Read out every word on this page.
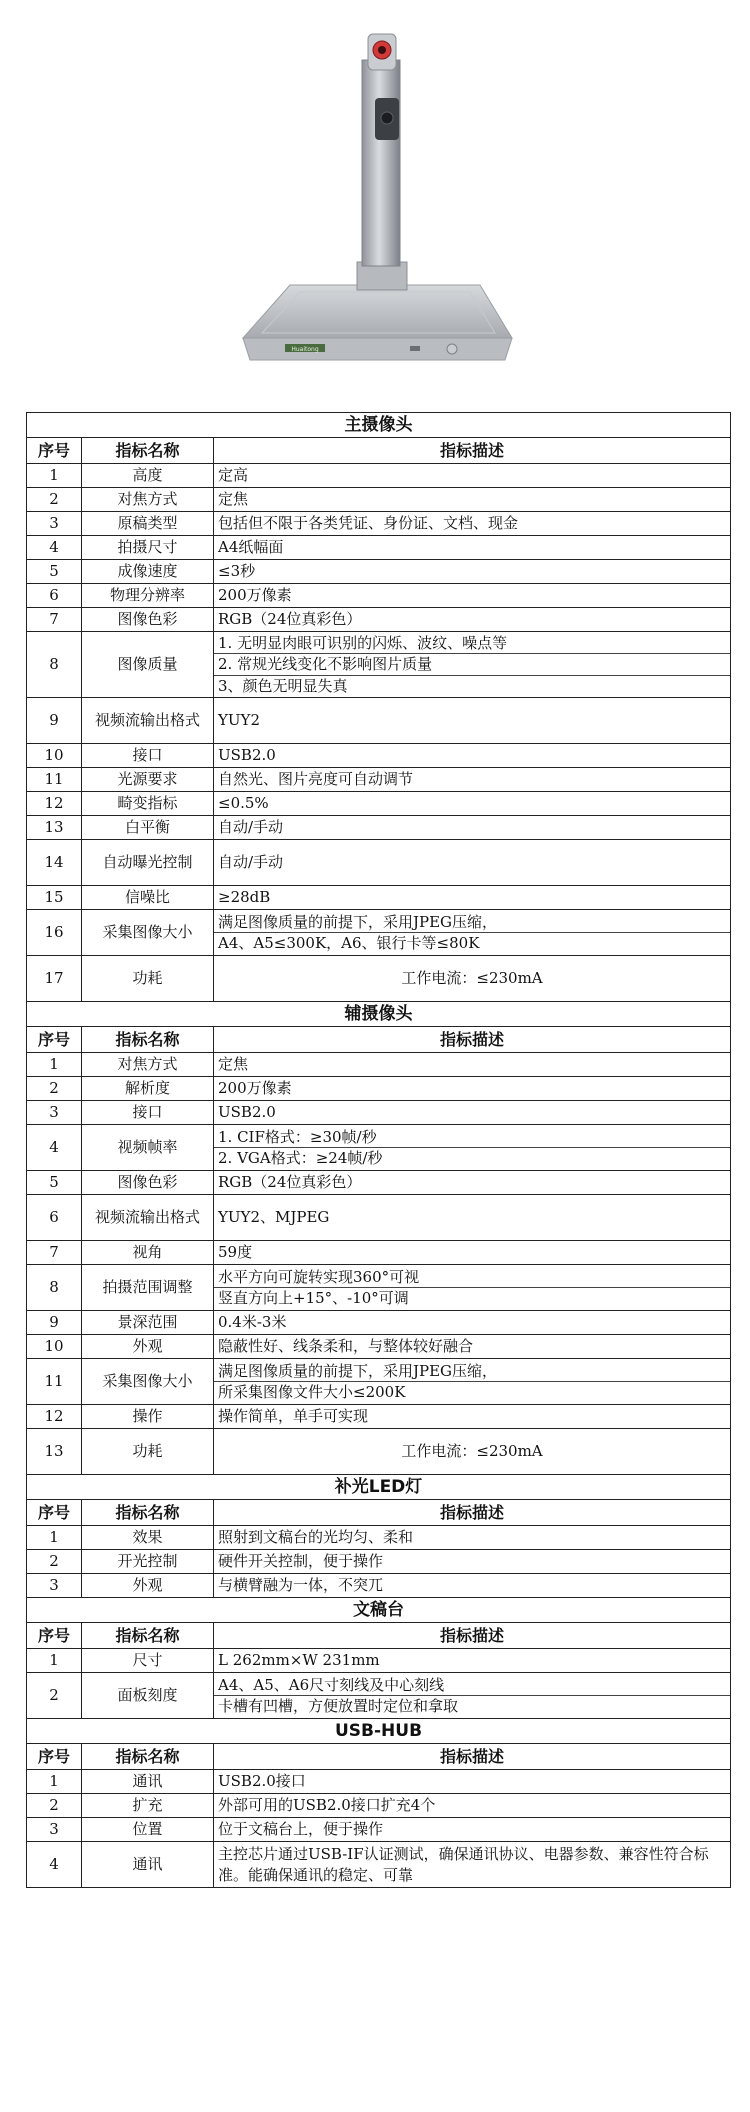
Huaitong
主摄像头		
序号	指标名称	指标描述
1	高度	定高

2	对焦方式	定焦

3	原稿类型	包括但不限于各类凭证、身份证、文档、现金

4	拍摄尺寸	A4纸幅面

5	成像速度	≤3秒

6	物理分辨率	200万像素

7	图像色彩	RGB（24位真彩色）

8	图像质量	1. 无明显肉眼可识别的闪烁、波纹、噪点等
2. 常规光线变化不影响图片质量
3、颜色无明显失真

9	视频流输出格式	YUY2

10	接口	USB2.0

11	光源要求	自然光、图片亮度可自动调节

12	畸变指标	≤0.5%

13	白平衡	自动/手动

14	自动曝光控制	自动/手动

15	信噪比	≥28dB

16	采集图像大小	满足图像质量的前提下，采用JPEG压缩，
A4、A5≤300K，A6、银行卡等≤80K

17	功耗	工作电流：≤230mA

辅摄像头		
序号	指标名称	指标描述
1	对焦方式	定焦

2	解析度	200万像素

3	接口	USB2.0

4	视频帧率	1. CIF格式：≥30帧/秒
2. VGA格式：≥24帧/秒

5	图像色彩	RGB（24位真彩色）

6	视频流输出格式	YUY2、MJPEG

7	视角	59度

8	拍摄范围调整	水平方向可旋转实现360°可视
竖直方向上+15°、-10°可调

9	景深范围	0.4米-3米

10	外观	隐蔽性好、线条柔和，与整体较好融合

11	采集图像大小	满足图像质量的前提下，采用JPEG压缩，
所采集图像文件大小≤200K

12	操作	操作简单，单手可实现

13	功耗	工作电流：≤230mA

补光LED灯		
序号	指标名称	指标描述
1	效果	照射到文稿台的光均匀、柔和

2	开光控制	硬件开关控制，便于操作

3	外观	与横臂融为一体，不突兀

文稿台		
序号	指标名称	指标描述
1	尺寸	L 262mm×W 231mm

2	面板刻度	A4、A5、A6尺寸刻线及中心刻线
卡槽有凹槽，方便放置时定位和拿取

USB-HUB		
序号	指标名称	指标描述
1	通讯	USB2.0接口

2	扩充	外部可用的USB2.0接口扩充4个

3	位置	位于文稿台上，便于操作

4	通讯	主控芯片通过USB-IF认证测试，确保通讯协议、电器参数、兼容性符合标准。能确保通讯的稳定、可靠
